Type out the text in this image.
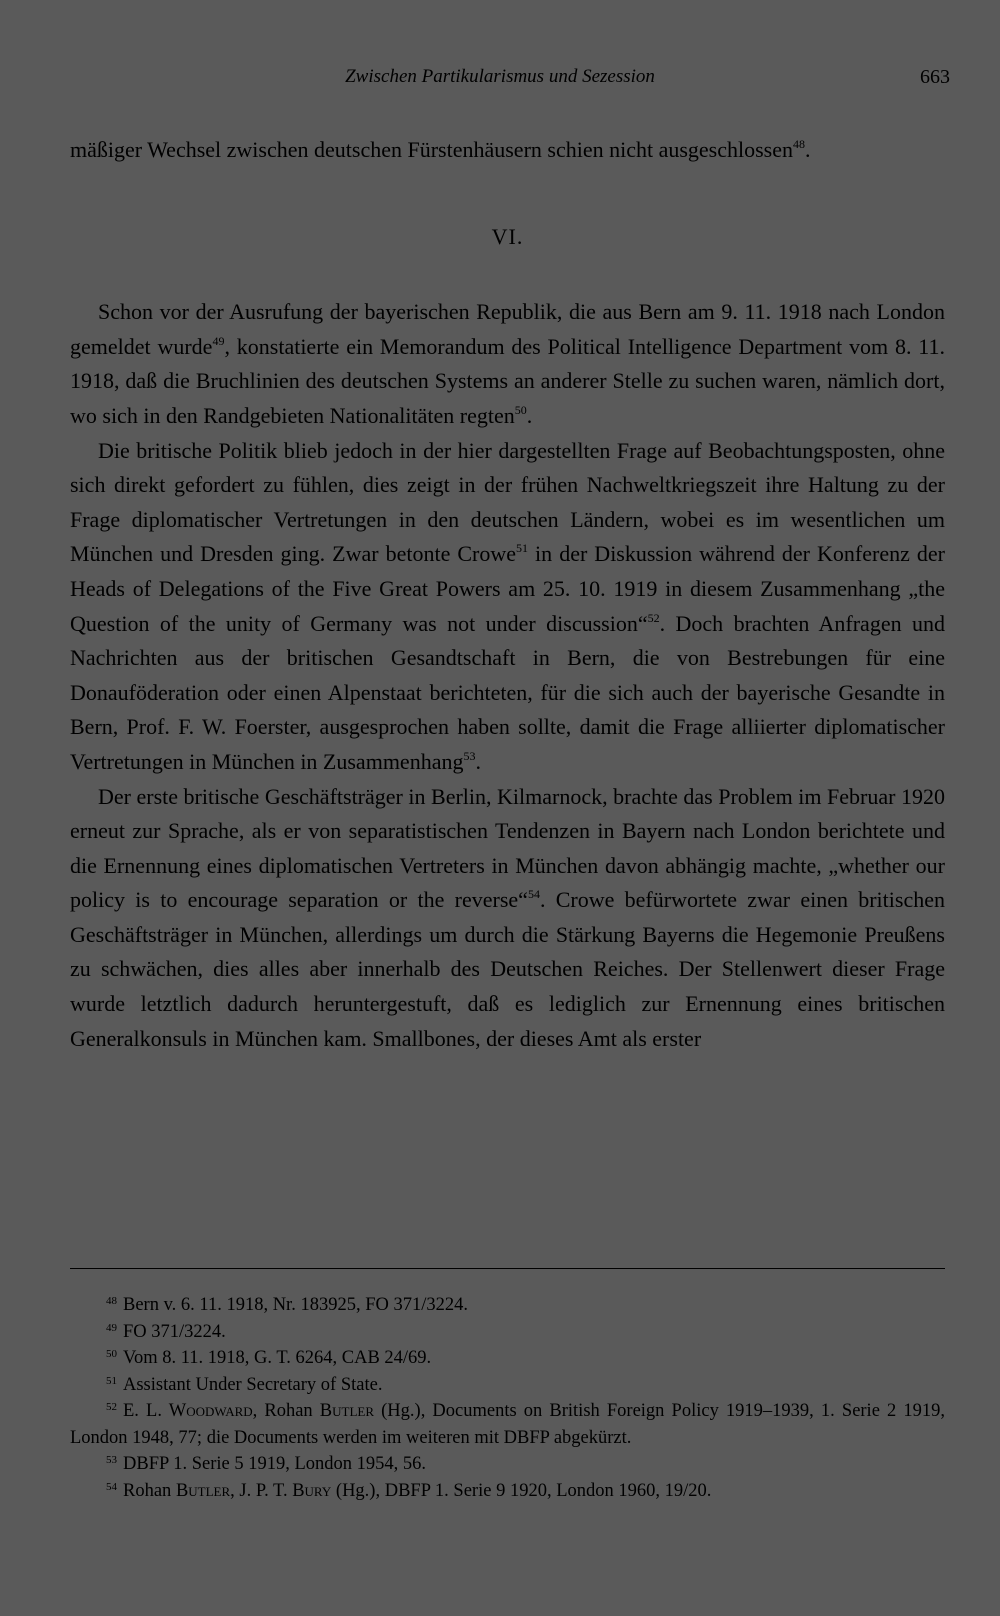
Zwischen Partikularismus und Sezession	663

mäßiger Wechsel zwischen deutschen Fürstenhäusern schien nicht ausgeschlossen$^{48}$.

VI.

Schon vor der Ausrufung der bayerischen Republik, die aus Bern am 9. 11. 1918 nach London gemeldet wurde$^{49}$, konstatierte ein Memorandum des Political Intelligence Department vom 8. 11. 1918, daß die Bruchlinien des deutschen Systems an anderer Stelle zu suchen waren, nämlich dort, wo sich in den Randgebieten Nationalitäten regten$^{50}$.

Die britische Politik blieb jedoch in der hier dargestellten Frage auf Beobachtungsposten, ohne sich direkt gefordert zu fühlen, dies zeigt in der frühen Nachweltkriegszeit ihre Haltung zu der Frage diplomatischer Vertretungen in den deutschen Ländern, wobei es im wesentlichen um München und Dresden ging. Zwar betonte Crowe$^{51}$ in der Diskussion während der Konferenz der Heads of Delegations of the Five Great Powers am 25. 10. 1919 in diesem Zusammenhang „the Question of the unity of Germany was not under discussion“$^{52}$. Doch brachten Anfragen und Nachrichten aus der britischen Gesandtschaft in Bern, die von Bestrebungen für eine Donauföderation oder einen Alpenstaat berichteten, für die sich auch der bayerische Gesandte in Bern, Prof. F. W. Foerster, ausgesprochen haben sollte, damit die Frage alliierter diplomatischer Vertretungen in München in Zusammenhang$^{53}$.

Der erste britische Geschäftsträger in Berlin, Kilmarnock, brachte das Problem im Februar 1920 erneut zur Sprache, als er von separatistischen Tendenzen in Bayern nach London berichtete und die Ernennung eines diplomatischen Vertreters in München davon abhängig machte, „whether our policy is to encourage separation or the reverse“$^{54}$. Crowe befürwortete zwar einen britischen Geschäftsträger in München, allerdings um durch die Stärkung Bayerns die Hegemonie Preußens zu schwächen, dies alles aber innerhalb des Deutschen Reiches. Der Stellenwert dieser Frage wurde letztlich dadurch heruntergestuft, daß es lediglich zur Ernennung eines britischen Generalkonsuls in München kam. Smallbones, der dieses Amt als erster

48 Bern v. 6. 11. 1918, Nr. 183925, FO 371/3224.

49 FO 371/3224.

50 Vom 8. 11. 1918, G. T. 6264, CAB 24/69.

51 Assistant Under Secretary of State.

52 E. L. Woodward, Rohan Butler (Hg.), Documents on British Foreign Policy 1919–1939, 1. Serie 2 1919, London 1948, 77; die Documents werden im weiteren mit DBFP abgekürzt.

53 DBFP 1. Serie 5 1919, London 1954, 56.

54 Rohan Butler, J. P. T. Bury (Hg.), DBFP 1. Serie 9 1920, London 1960, 19/20.
